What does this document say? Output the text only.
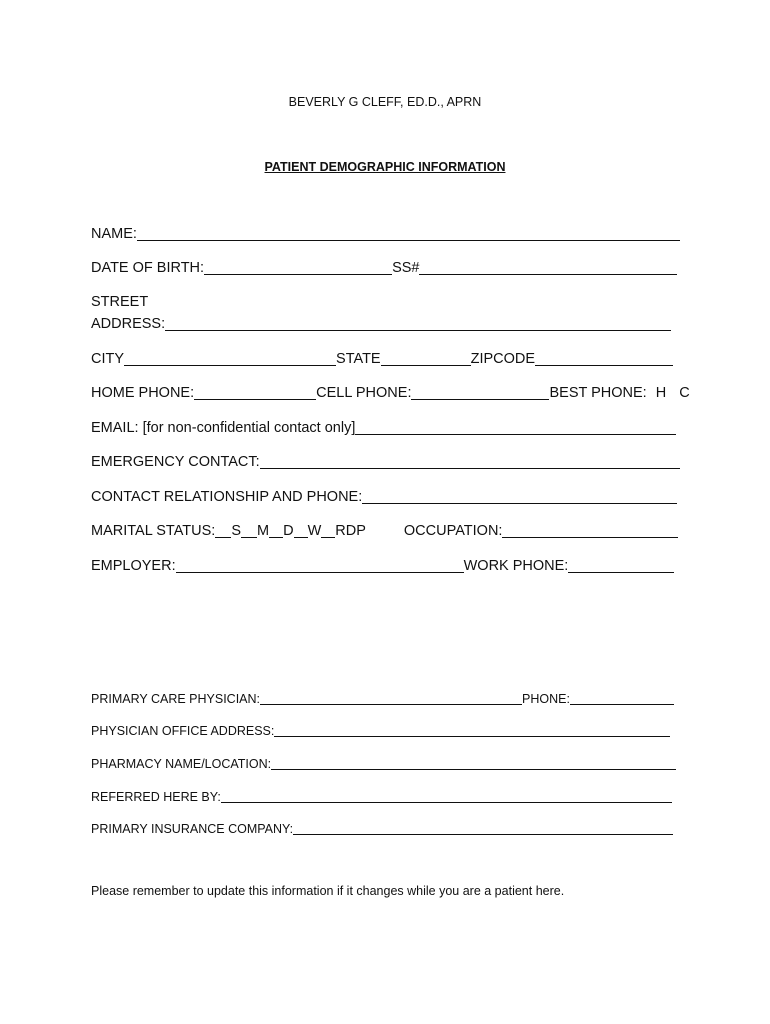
BEVERLY G CLEFF, ED.D., APRN
PATIENT DEMOGRAPHIC INFORMATION
NAME:
DATE OF BIRTH:	SS#
STREET
ADDRESS:
CITY	STATE	ZIPCODE
HOME PHONE:	CELL PHONE:	BEST PHONE: H C
EMAIL: [for non-confidential contact only]
EMERGENCY CONTACT:
CONTACT RELATIONSHIP AND PHONE:
MARITAL STATUS: S M D W RDP	OCCUPATION:
EMPLOYER:	WORK PHONE:
PRIMARY CARE PHYSICIAN:	PHONE:
PHYSICIAN OFFICE ADDRESS:
PHARMACY NAME/LOCATION:
REFERRED HERE BY:
PRIMARY INSURANCE COMPANY:
Please remember to update this information if it changes while you are a patient here.
